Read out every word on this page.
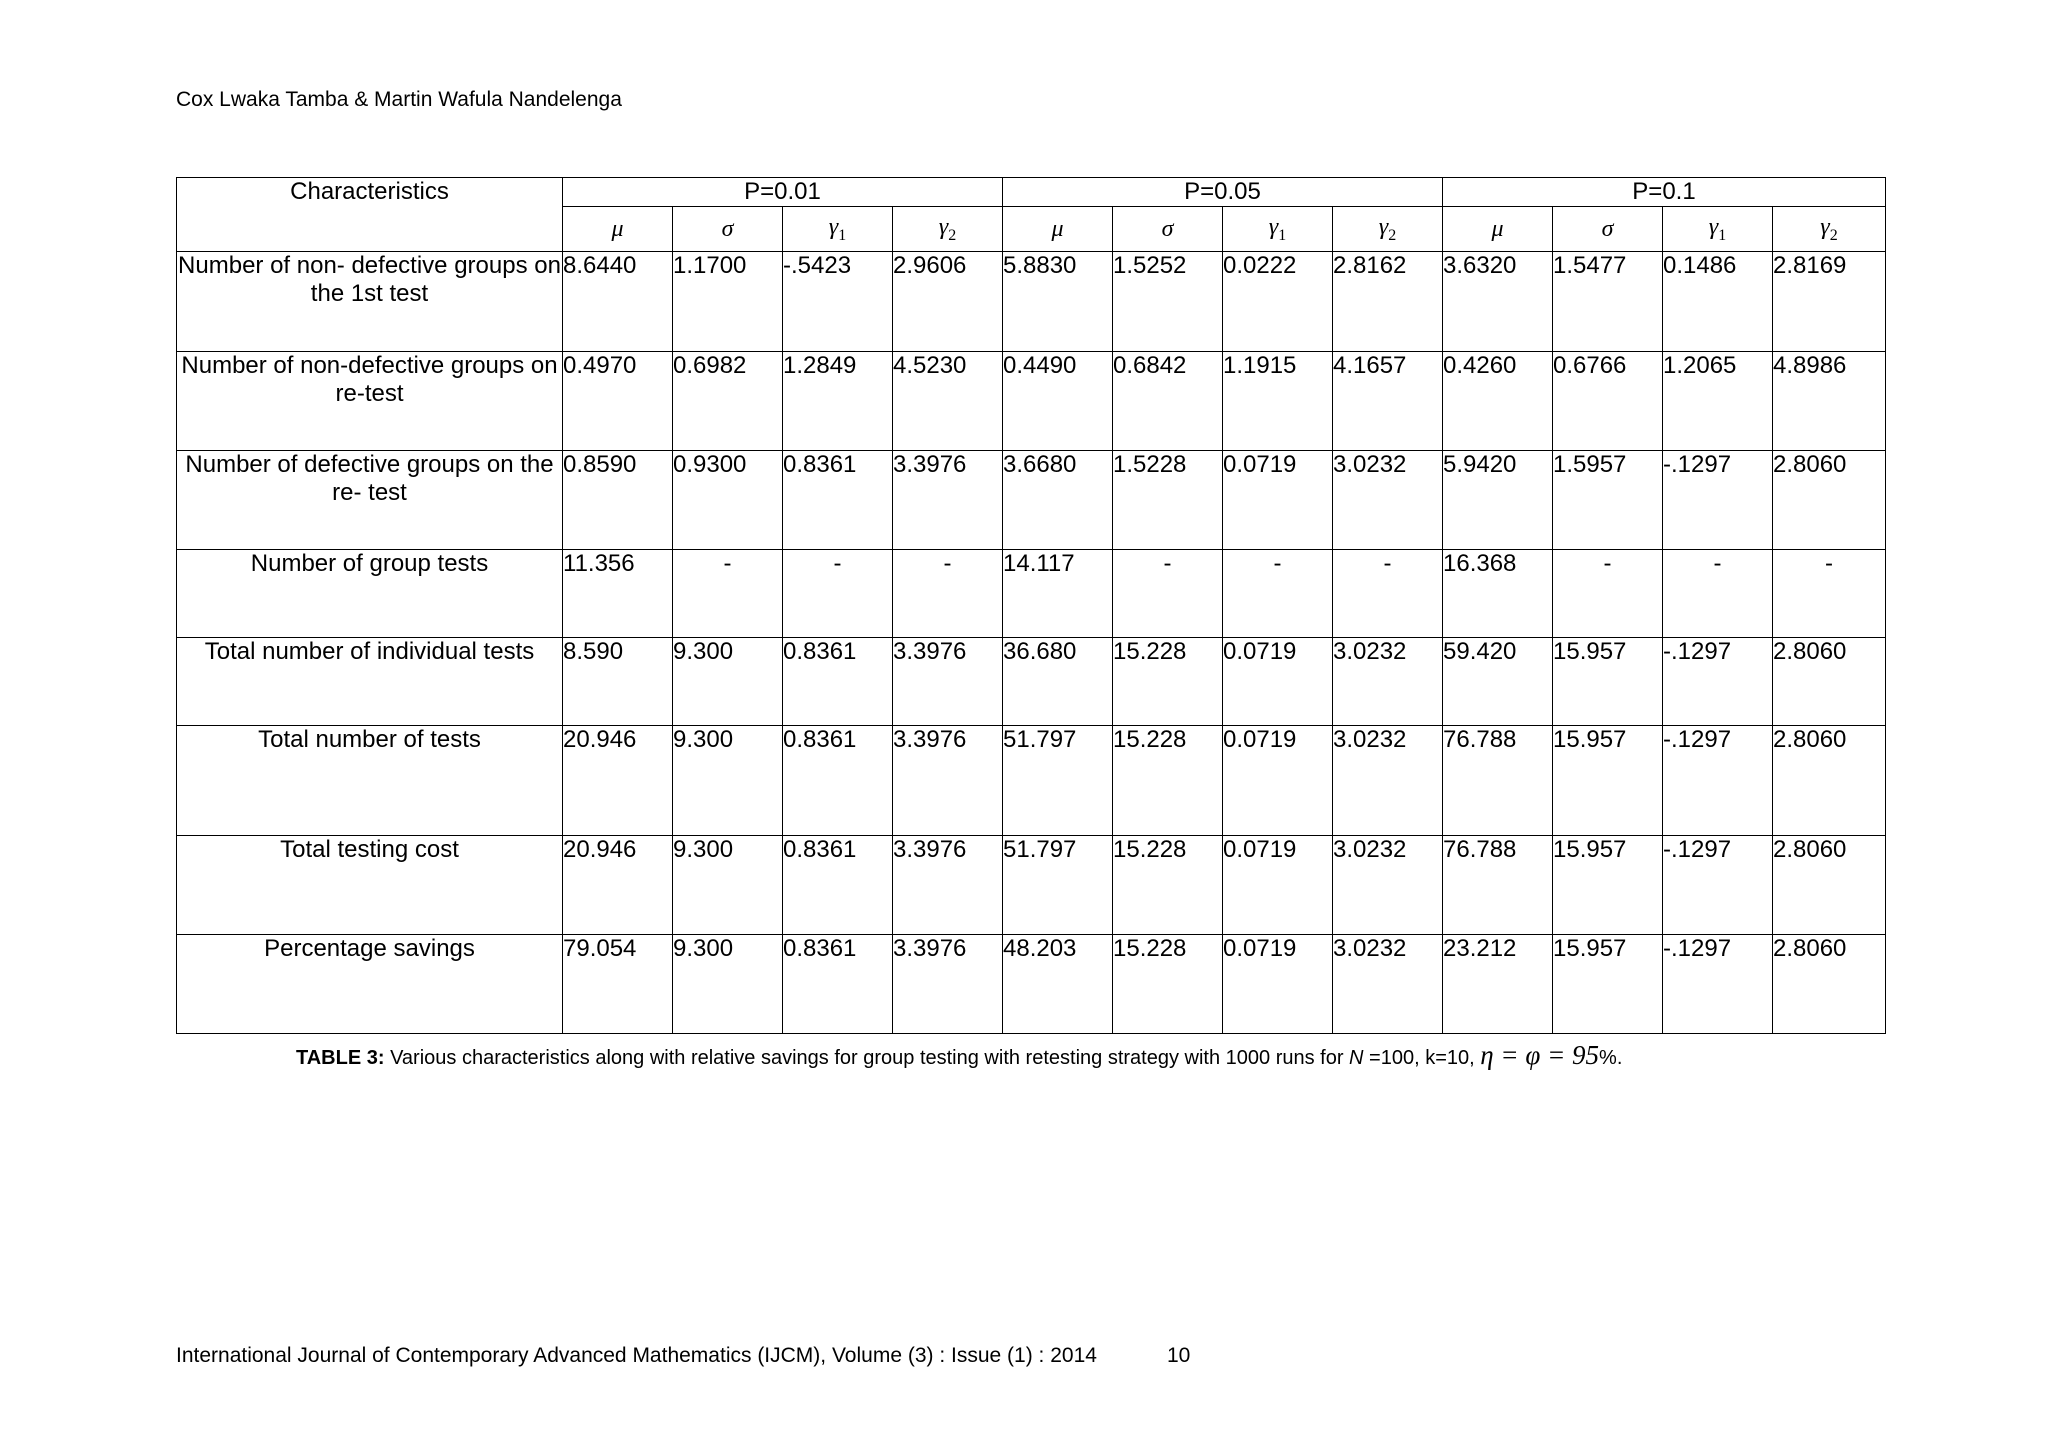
Cox Lwaka Tamba & Martin Wafula Nandelenga
Characteristics	P=0.01				P=0.05				P=0.1			
	μ	σ	$\gamma_1$	$\gamma_2$	μ	σ	$\gamma_1$	$\gamma_2$	μ	σ	$\gamma_1$	$\gamma_2$
Number of non- defective groups on the 1st test	8.6440	1.1700	-.5423	2.9606	5.8830	1.5252	0.0222	2.8162	3.6320	1.5477	0.1486	2.8169
Number of non-defective groups on re-test	0.4970	0.6982	1.2849	4.5230	0.4490	0.6842	1.1915	4.1657	0.4260	0.6766	1.2065	4.8986
Number of defective groups on the re- test	0.8590	0.9300	0.8361	3.3976	3.6680	1.5228	0.0719	3.0232	5.9420	1.5957	-.1297	2.8060
Number of group tests	11.356	-	-	-	14.117	-	-	-	16.368	-	-	-
Total number of individual tests	8.590	9.300	0.8361	3.3976	36.680	15.228	0.0719	3.0232	59.420	15.957	-.1297	2.8060
Total number of tests	20.946	9.300	0.8361	3.3976	51.797	15.228	0.0719	3.0232	76.788	15.957	-.1297	2.8060
Total testing cost	20.946	9.300	0.8361	3.3976	51.797	15.228	0.0719	3.0232	76.788	15.957	-.1297	2.8060
Percentage savings	79.054	9.300	0.8361	3.3976	48.203	15.228	0.0719	3.0232	23.212	15.957	-.1297	2.8060
TABLE 3: Various characteristics along with relative savings for group testing with retesting strategy with 1000 runs for N =100, k=10, η = φ = 95%.
International Journal of Contemporary Advanced Mathematics (IJCM), Volume (3) : Issue (1) : 2014	10
